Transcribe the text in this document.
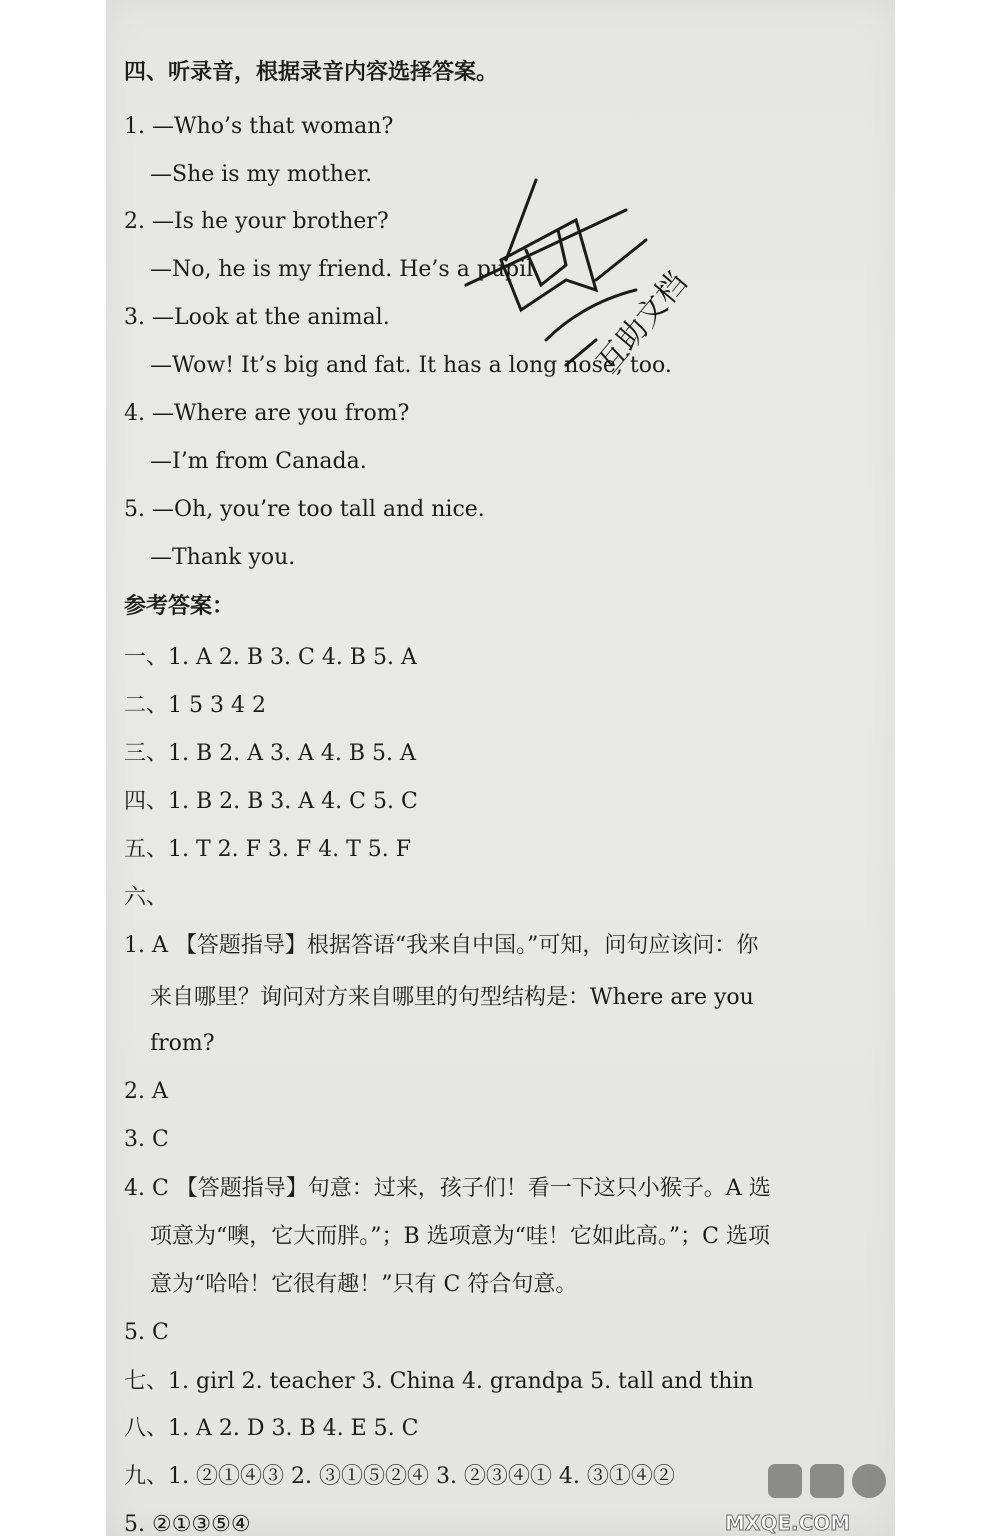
四、听录音，根据录音内容选择答案。
1. —Who’s that woman?
—She is my mother.
2. —Is he your brother?
—No, he is my friend. He’s a pupil.
3. —Look at the animal.
—Wow! It’s big and fat. It has a long nose, too.
4. —Where are you from?
—I’m from Canada.
5. —Oh, you’re too tall and nice.
—Thank you.
参考答案：
一、1. A 2. B 3. C 4. B 5. A
二、1 5 3 4 2
三、1. B 2. A 3. A 4. B 5. A
四、1. B 2. B 3. A 4. C 5. C
五、1. T 2. F 3. F 4. T 5. F
六、
1. A 【答题指导】根据答语“我来自中国。”可知，问句应该问：你
来自哪里？询问对方来自哪里的句型结构是：Where are you
from?
2. A
3. C
4. C 【答题指导】句意：过来，孩子们！看一下这只小猴子。A 选
项意为“噢，它大而胖。”；B 选项意为“哇！它如此高。”；C 选项
意为“哈哈！它很有趣！”只有 C 符合句意。
5. C
七、1. girl 2. teacher 3. China 4. grandpa 5. tall and thin
八、1. A 2. D 3. B 4. E 5. C
九、1. ②①④③ 2. ③①⑤②④ 3. ②③④① 4. ③①④②
5. ②①③⑤④
互助文档
MXQE.COM
